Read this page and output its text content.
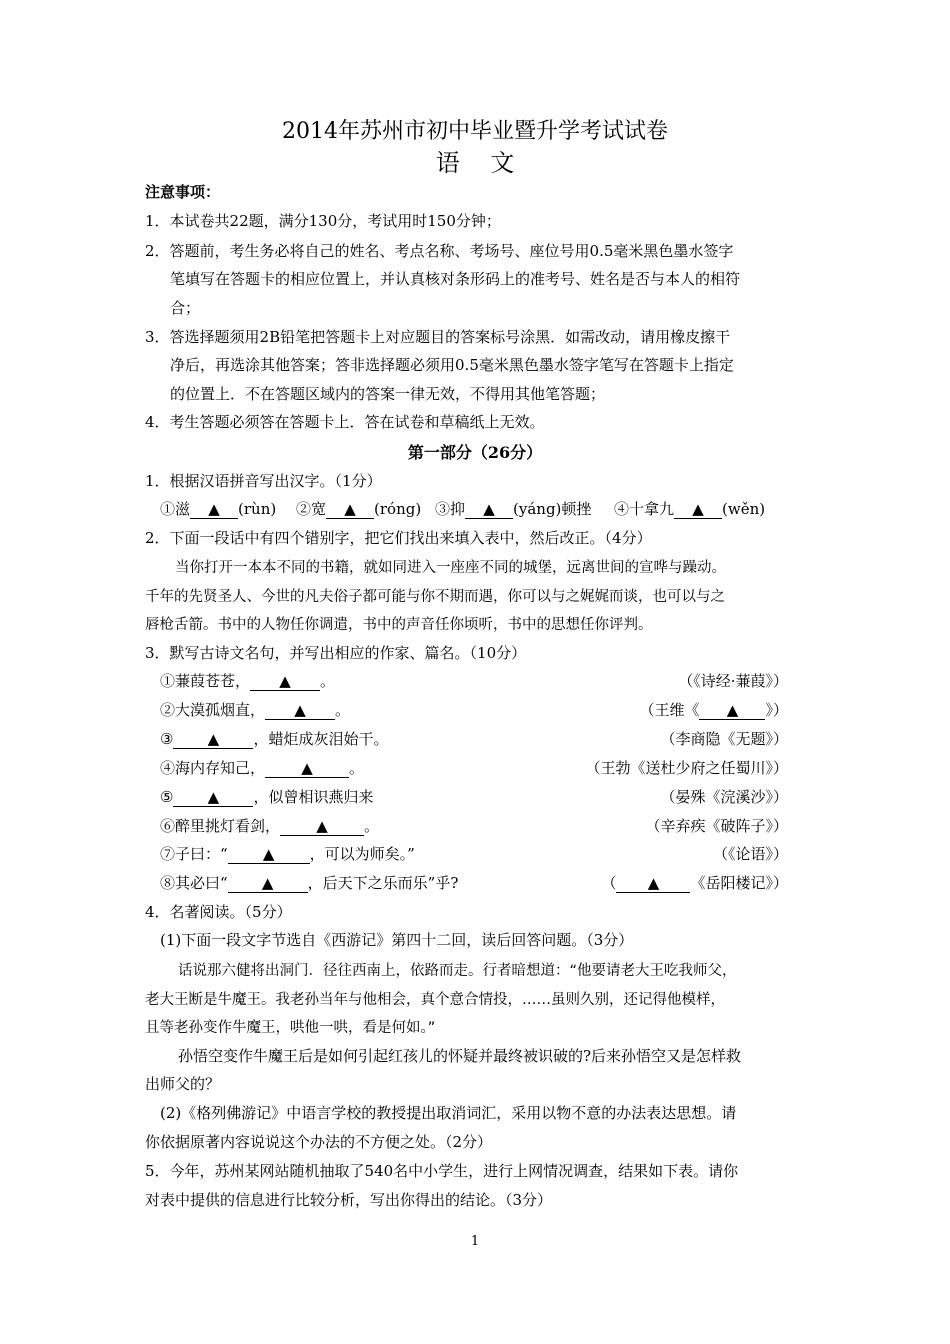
2014年苏州市初中毕业暨升学考试试卷
语    文
注意事项：
1．本试卷共22题，满分130分，考试用时150分钟；
2．答题前，考生务必将自己的姓名、考点名称、考场号、座位号用0.5毫米黑色墨水签字
笔填写在答题卡的相应位置上，并认真核对条形码上的准考号、姓名是否与本人的相符
合；
3．答选择题须用2B铅笔把答题卡上对应题目的答案标号涂黑．如需改动，请用橡皮擦干
净后，再选涂其他答案；答非选择题必须用0.5毫米黑色墨水签字笔写在答题卡上指定
的位置上．不在答题区域内的答案一律无效，不得用其他笔答题；
4．考生答题必须答在答题卡上．答在试卷和草稿纸上无效。
第一部分（26分）
1．根据汉语拼音写出汉字。（1分）
①滋 ▲ (rùn) ②宽 ▲ (róng) ③抑 ▲ (yáng)顿挫 ④十拿九 ▲ (wěn)
2．下面一段话中有四个错别字，把它们找出来填入表中，然后改正。（4分）
当你打开一本本不同的书籍，就如同进入一座座不同的城堡，远离世间的宣哗与躁动。
千年的先贤圣人、今世的凡夫俗子都可能与你不期而遇，你可以与之娓娓而谈，也可以与之
唇枪舌箭。书中的人物任你调遣，书中的声音任你顷听，书中的思想任你评判。
3．默写古诗文名句，并写出相应的作家、篇名。（10分）
①蒹葭苍苍， ▲ 。	（《诗经·蒹葭》）
②大漠孤烟直， ▲ 。	（王维《 ▲ 》）
③ ▲ ，蜡炬成灰泪始干。	（李商隐《无题》）
④海内存知己， ▲ 。	（王勃《送杜少府之任蜀川》）
⑤ ▲ ，似曾相识燕归来	（晏殊《浣溪沙》）
⑥醉里挑灯看剑， ▲ 。	（辛弃疾《破阵子》）
⑦子曰：“ ▲ ，可以为师矣。”	（《论语》）
⑧其必曰“ ▲ ，后天下之乐而乐”乎?	（ ▲ 《岳阳楼记》）
4．名著阅读。（5分）
(1)下面一段文字节选自《西游记》第四十二回，读后回答问题。（3分）
话说那六健将出洞门．径往西南上，依路而走。行者暗想道：“他要请老大王吃我师父，
老大王断是牛魔王。我老孙当年与他相会，真个意合情投，……虽则久别，还记得他模样，
且等老孙变作牛魔王，哄他一哄，看是何如。”
孙悟空变作牛魔王后是如何引起红孩儿的怀疑并最终被识破的?后来孙悟空又是怎样救
出师父的？
(2)《格列佛游记》中语言学校的教授提出取消词汇，采用以物不意的办法表达思想。请
你依据原著内容说说这个办法的不方便之处。（2分）
5．今年，苏州某网站随机抽取了540名中小学生，进行上网情况调查，结果如下表。请你
对表中提供的信息进行比较分析，写出你得出的结论。（3分）
1
